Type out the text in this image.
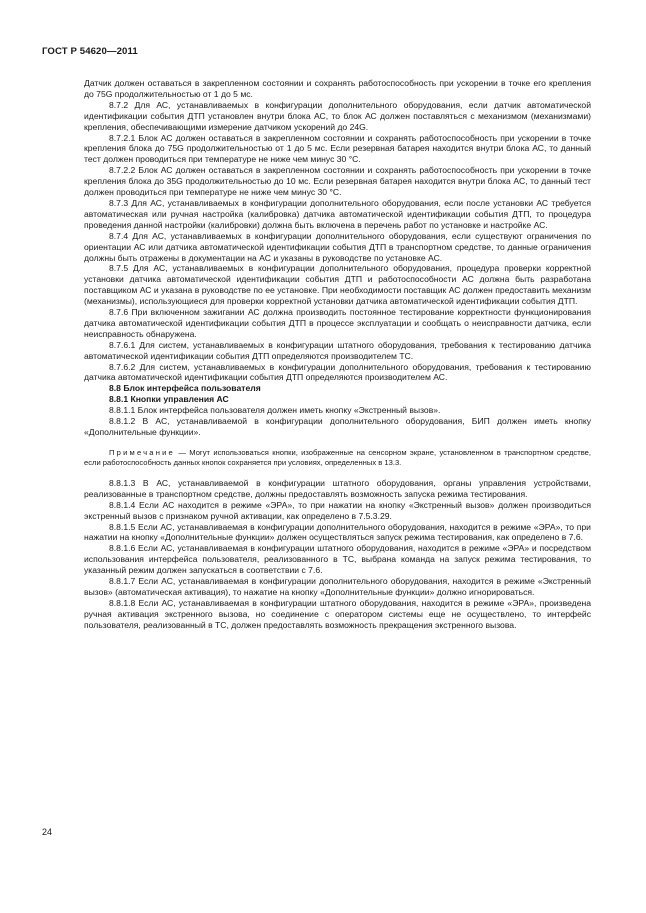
ГОСТ Р 54620—2011

Датчик должен оставаться в закрепленном состоянии и сохранять работоспособность при ускорении в точке его крепления до 75G продолжительностью от 1 до 5 мс.

8.7.2 Для АС, устанавливаемых в конфигурации дополнительного оборудования, если датчик автоматической идентификации события ДТП установлен внутри блока АС, то блок АС должен поставляться с механизмом (механизмами) крепления, обеспечивающими измерение датчиком ускорений до 24G.

8.7.2.1 Блок АС должен оставаться в закрепленном состоянии и сохранять работоспособность при ускорении в точке крепления блока до 75G продолжительностью от 1 до 5 мс. Если резервная батарея находится внутри блока АС, то данный тест должен проводиться при температуре не ниже чем минус 30 °С.

8.7.2.2 Блок АС должен оставаться в закрепленном состоянии и сохранять работоспособность при ускорении в точке крепления блока до 35G продолжительностью до 10 мс. Если резервная батарея находится внутри блока АС, то данный тест должен проводиться при температуре не ниже чем минус 30 °С.

8.7.3 Для АС, устанавливаемых в конфигурации дополнительного оборудования, если после установки АС требуется автоматическая или ручная настройка (калибровка) датчика автоматической идентификации события ДТП, то процедура проведения данной настройки (калибровки) должна быть включена в перечень работ по установке и настройке АС.

8.7.4 Для АС, устанавливаемых в конфигурации дополнительного оборудования, если существуют ограничения по ориентации АС или датчика автоматической идентификации события ДТП в транспортном средстве, то данные ограничения должны быть отражены в документации на АС и указаны в руководстве по установке АС.

8.7.5 Для АС, устанавливаемых в конфигурации дополнительного оборудования, процедура проверки корректной установки датчика автоматической идентификации события ДТП и работоспособности АС должна быть разработана поставщиком АС и указана в руководстве по ее установке. При необходимости поставщик АС должен предоставить механизм (механизмы), использующиеся для проверки корректной установки датчика автоматической идентификации события ДТП.

8.7.6 При включенном зажигании АС должна производить постоянное тестирование корректности функционирования датчика автоматической идентификации события ДТП в процессе эксплуатации и сообщать о неисправности датчика, если неисправность обнаружена.

8.7.6.1 Для систем, устанавливаемых в конфигурации штатного оборудования, требования к тестированию датчика автоматической идентификации события ДТП определяются производителем ТС.

8.7.6.2 Для систем, устанавливаемых в конфигурации дополнительного оборудования, требования к тестированию датчика автоматической идентификации события ДТП определяются производителем АС.

8.8 Блок интерфейса пользователя

8.8.1 Кнопки управления АС

8.8.1.1 Блок интерфейса пользователя должен иметь кнопку «Экстренный вызов».

8.8.1.2 В АС, устанавливаемой в конфигурации дополнительного оборудования, БИП должен иметь кнопку «Дополнительные функции».

Примечание — Могут использоваться кнопки, изображенные на сенсорном экране, установленном в транспортном средстве, если работоспособность данных кнопок сохраняется при условиях, определенных в 13.3.

8.8.1.3 В АС, устанавливаемой в конфигурации штатного оборудования, органы управления устройствами, реализованные в транспортном средстве, должны предоставлять возможность запуска режима тестирования.

8.8.1.4 Если АС находится в режиме «ЭРА», то при нажатии на кнопку «Экстренный вызов» должен производиться экстренный вызов с признаком ручной активации, как определено в 7.5.3.29.

8.8.1.5 Если АС, устанавливаемая в конфигурации дополнительного оборудования, находится в режиме «ЭРА», то при нажатии на кнопку «Дополнительные функции» должен осуществляться запуск режима тестирования, как определено в 7.6.

8.8.1.6 Если АС, устанавливаемая в конфигурации штатного оборудования, находится в режиме «ЭРА» и посредством использования интерфейса пользователя, реализованного в ТС, выбрана команда на запуск режима тестирования, то указанный режим должен запускаться в соответствии с 7.6.

8.8.1.7 Если АС, устанавливаемая в конфигурации дополнительного оборудования, находится в режиме «Экстренный вызов» (автоматическая активация), то нажатие на кнопку «Дополнительные функции» должно игнорироваться.

8.8.1.8 Если АС, устанавливаемая в конфигурации штатного оборудования, находится в режиме «ЭРА», произведена ручная активация экстренного вызова, но соединение с оператором системы еще не осуществлено, то интерфейс пользователя, реализованный в ТС, должен предоставлять возможность прекращения экстренного вызова.

24
